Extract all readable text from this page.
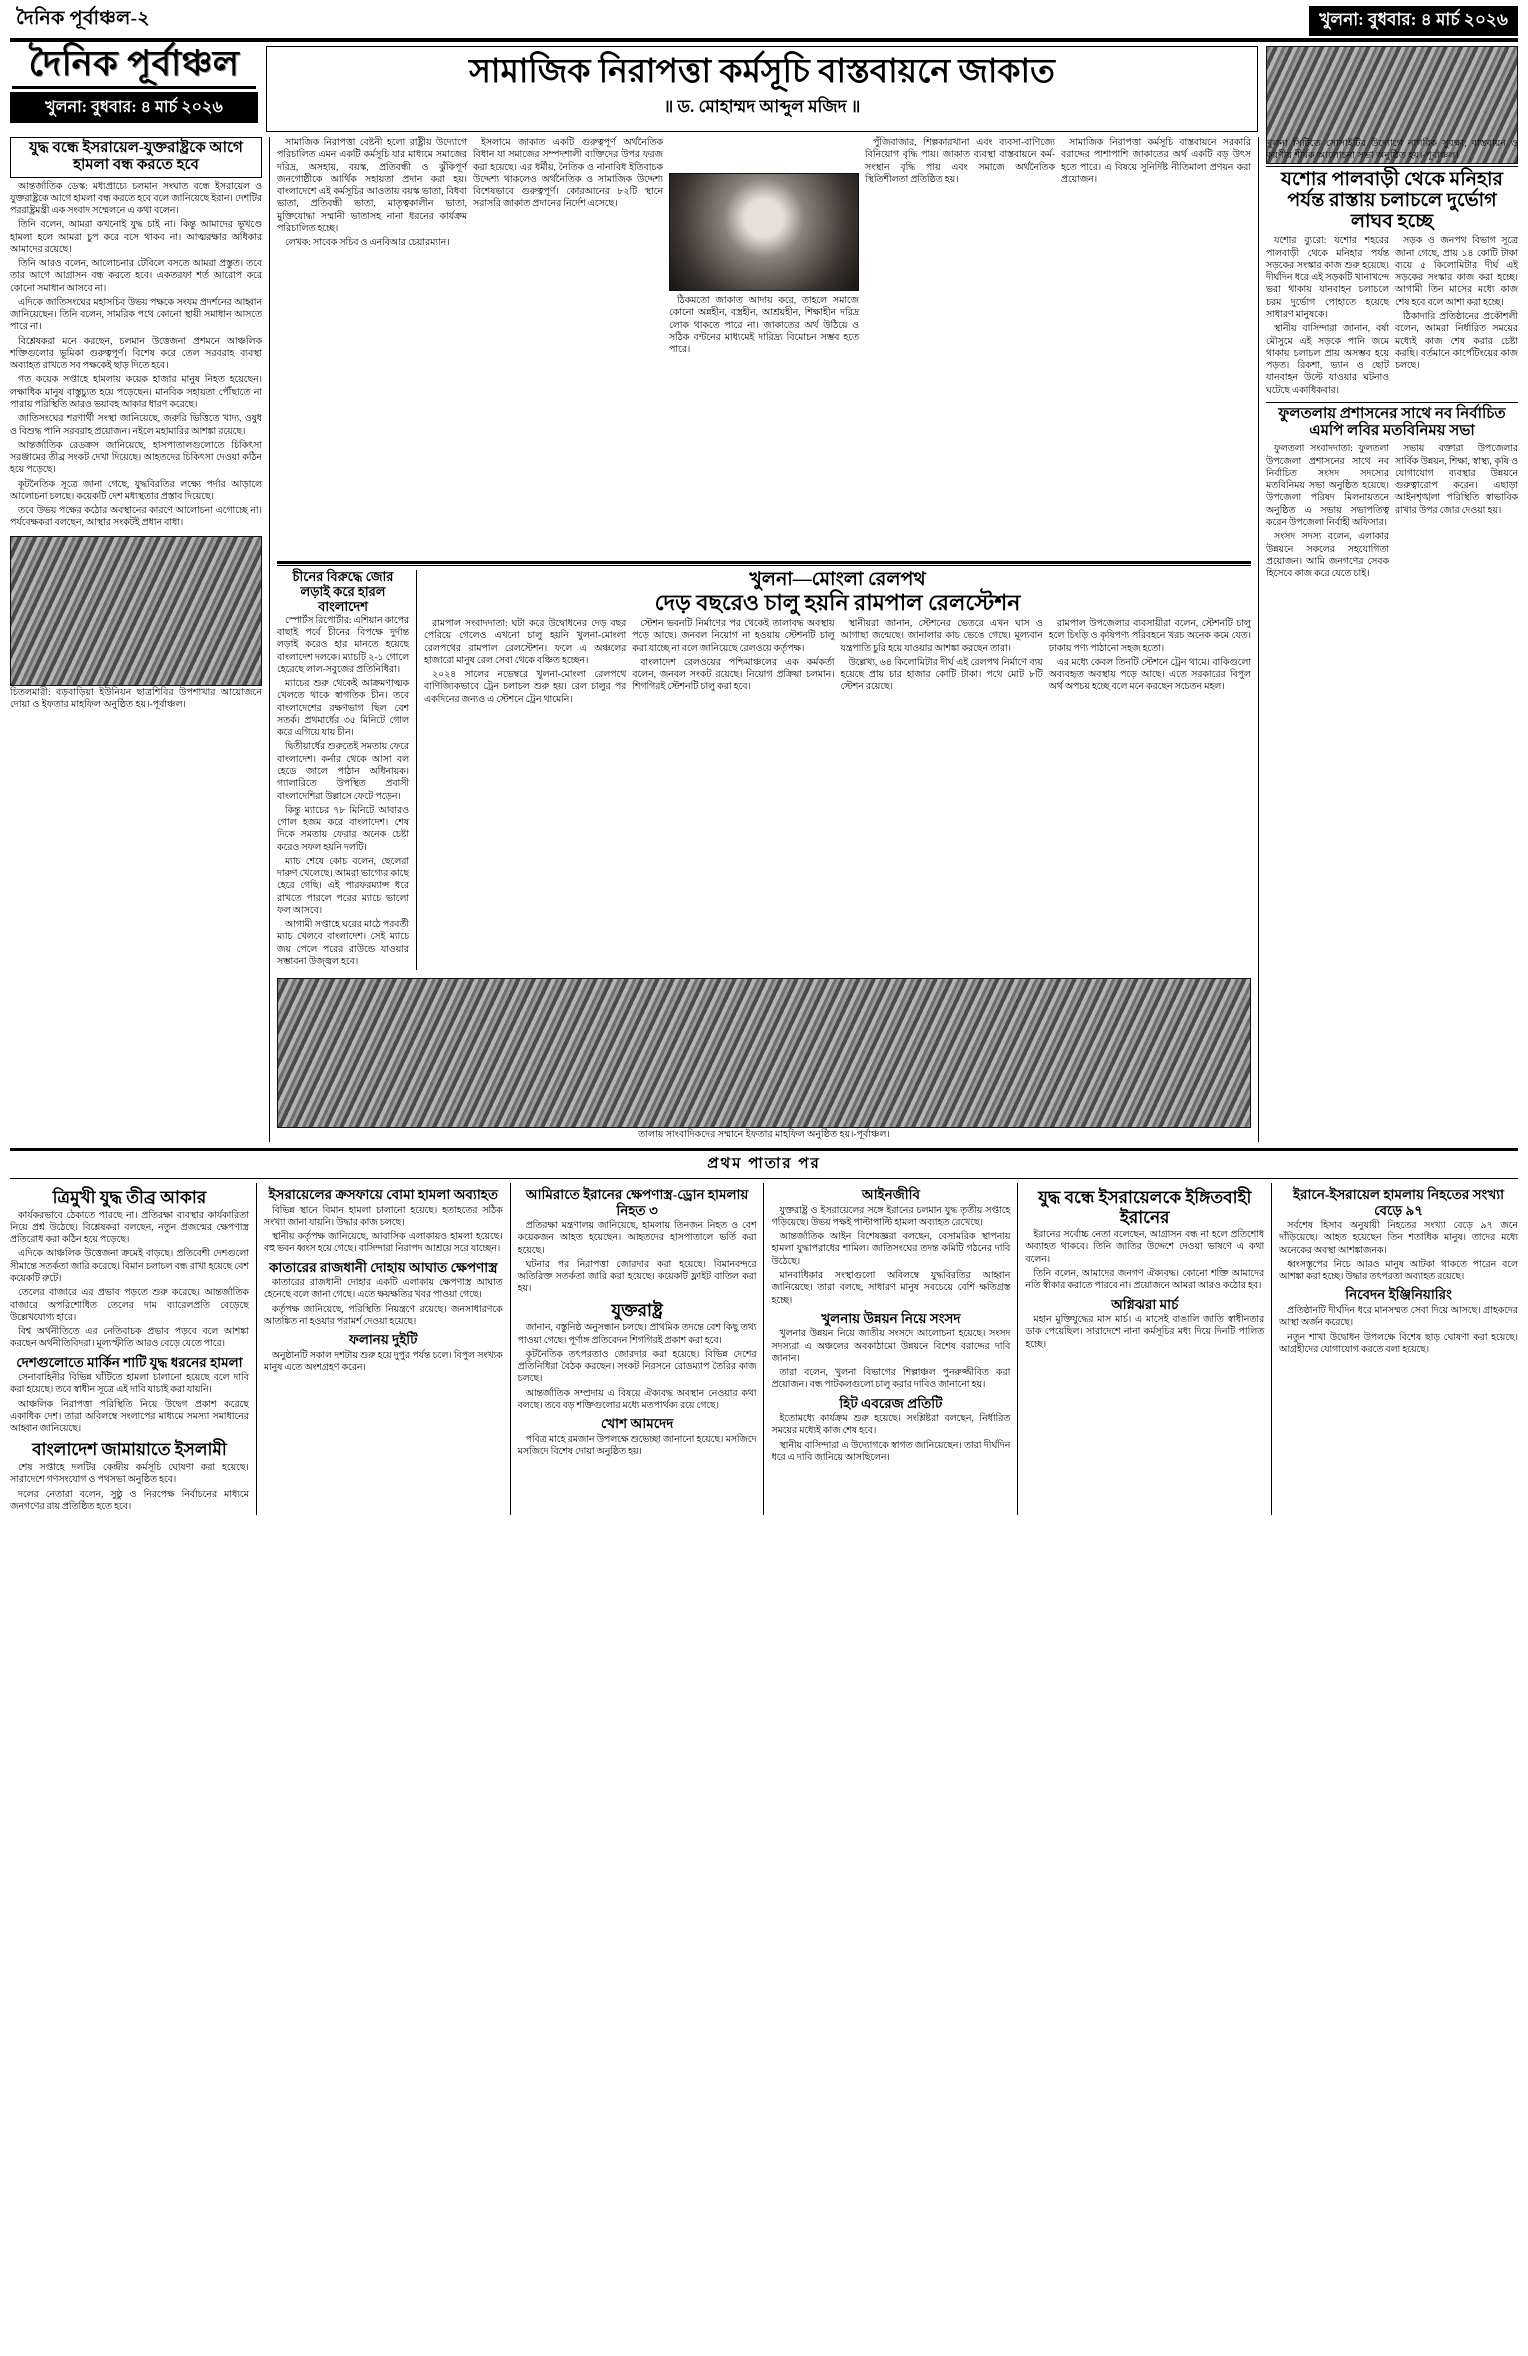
দৈনিক পূর্বাঞ্চল-২	খুলনা: বুধবার: ৪ মার্চ ২০২৬
দৈনিক পূর্বাঞ্চল
খুলনা: বুধবার: ৪ মার্চ ২০২৬
সামাজিক নিরাপত্তা কর্মসূচি বাস্তবায়নে জাকাত
॥ ড. মোহাম্মদ আব্দুল মজিদ ॥
যুদ্ধ বন্ধে ইসরায়েল-যুক্তরাষ্ট্রকে আগে হামলা বন্ধ করতে হবে

আন্তর্জাতিক ডেস্ক: মধ্যপ্রাচ্যে চলমান সংঘাত বন্ধে ইসরায়েল ও যুক্তরাষ্ট্রকে আগে হামলা বন্ধ করতে হবে বলে জানিয়েছে ইরান। দেশটির পররাষ্ট্রমন্ত্রী এক সংবাদ সম্মেলনে এ কথা বলেন।

তিনি বলেন, আমরা কখনোই যুদ্ধ চাই না। কিন্তু আমাদের ভূখণ্ডে হামলা হলে আমরা চুপ করে বসে থাকব না। আত্মরক্ষার অধিকার আমাদের রয়েছে।

তিনি আরও বলেন, আলোচনার টেবিলে বসতে আমরা প্রস্তুত। তবে তার আগে আগ্রাসন বন্ধ করতে হবে। একতরফা শর্ত আরোপ করে কোনো সমাধান আসবে না।

এদিকে জাতিসংঘের মহাসচিব উভয় পক্ষকে সংযম প্রদর্শনের আহ্বান জানিয়েছেন। তিনি বলেন, সামরিক পথে কোনো স্থায়ী সমাধান আসতে পারে না।

বিশ্লেষকরা মনে করছেন, চলমান উত্তেজনা প্রশমনে আঞ্চলিক শক্তিগুলোর ভূমিকা গুরুত্বপূর্ণ। বিশেষ করে তেল সরবরাহ ব্যবস্থা অব্যাহত রাখতে সব পক্ষকেই ছাড় দিতে হবে।

গত কয়েক সপ্তাহে হামলায় কয়েক হাজার মানুষ নিহত হয়েছেন। লক্ষাধিক মানুষ বাস্তুচ্যুত হয়ে পড়েছেন। মানবিক সহায়তা পৌঁছাতে না পারায় পরিস্থিতি আরও ভয়াবহ আকার ধারণ করেছে।

জাতিসংঘের শরণার্থী সংস্থা জানিয়েছে, জরুরি ভিত্তিতে খাদ্য, ওষুধ ও বিশুদ্ধ পানি সরবরাহ প্রয়োজন। নইলে মহামারির আশঙ্কা রয়েছে।

আন্তর্জাতিক রেডক্রস জানিয়েছে, হাসপাতালগুলোতে চিকিৎসা সরঞ্জামের তীব্র সংকট দেখা দিয়েছে। আহতদের চিকিৎসা দেওয়া কঠিন হয়ে পড়েছে।

কূটনৈতিক সূত্রে জানা গেছে, যুদ্ধবিরতির লক্ষ্যে পর্দার আড়ালে আলোচনা চলছে। কয়েকটি দেশ মধ্যস্থতার প্রস্তাব দিয়েছে।

তবে উভয় পক্ষের কঠোর অবস্থানের কারণে আলোচনা এগোচ্ছে না। পর্যবেক্ষকরা বলছেন, আস্থার সংকটই প্রধান বাধা।

চিতলমারী: বড়বাড়িয়া ইউনিয়ন ছাত্রশিবির উপশাখার আয়োজনে দোয়া ও ইফতার মাহফিল অনুষ্ঠিত হয়।-পূর্বাঞ্চল।

সামাজিক নিরাপত্তা বেষ্টনী হলো রাষ্ট্রীয় উদ্যোগে পরিচালিত এমন একটি কর্মসূচি যার মাধ্যমে সমাজের দরিদ্র, অসহায়, বয়স্ক, প্রতিবন্ধী ও ঝুঁকিপূর্ণ জনগোষ্ঠীকে আর্থিক সহায়তা প্রদান করা হয়। বাংলাদেশে এই কর্মসূচির আওতায় বয়স্ক ভাতা, বিধবা ভাতা, প্রতিবন্ধী ভাতা, মাতৃত্বকালীন ভাতা, মুক্তিযোদ্ধা সম্মানী ভাতাসহ নানা ধরনের কার্যক্রম পরিচালিত হচ্ছে।

লেখক: সাবেক সচিব ও এনবিআর চেয়ারম্যান।

ইসলামে জাকাত একটি গুরুত্বপূর্ণ অর্থনৈতিক বিধান যা সমাজের সম্পদশালী ব্যক্তিদের উপর ফরজ করা হয়েছে। এর ধর্মীয়, নৈতিক ও নানাবিধ ইতিবাচক উদ্দেশ্য থাকলেও অর্থনৈতিক ও সামাজিক উদ্দেশ্য বিশেষভাবে গুরুত্বপূর্ণ। কোরআনের ৮২টি স্থানে সরাসরি জাকাত প্রদানের নির্দেশ এসেছে।

ঠিকমতো জাকাত আদায় করে, তাহলে সমাজে কোনো অন্নহীন, বস্ত্রহীন, আশ্রয়হীন, শিক্ষাহীন দরিদ্র লোক থাকতে পারে না। জাকাতের অর্থ উঠিয়ে ও সঠিক বণ্টনের মাধ্যমেই দারিদ্র্য বিমোচন সম্ভব হতে পারে।

পুঁজিবাজার, শিল্পকারখানা এবং ব্যবসা-বাণিজ্যে বিনিয়োগ বৃদ্ধি পায়। জাকাত ব্যবস্থা বাস্তবায়নে কর্ম-সংস্থান বৃদ্ধি পায় এবং সমাজে অর্থনৈতিক স্থিতিশীলতা প্রতিষ্ঠিত হয়।

সামাজিক নিরাপত্তা কর্মসূচি বাস্তবায়নে সরকারি বরাদ্দের পাশাপাশি জাকাতের অর্থ একটি বড় উৎস হতে পারে। এ বিষয়ে সুনির্দিষ্ট নীতিমালা প্রণয়ন করা প্রয়োজন।

চীনের বিরুদ্ধে জোর লড়াই করে হারল বাংলাদেশ

স্পোর্টস রিপোর্টার: এশিয়ান কাপের বাছাই পর্বে চীনের বিপক্ষে দুর্দান্ত লড়াই করেও হার মানতে হয়েছে বাংলাদেশ দলকে। ম্যাচটি ২-১ গোলে হেরেছে লাল-সবুজের প্রতিনিধিরা।

ম্যাচের শুরু থেকেই আক্রমণাত্মক খেলতে থাকে স্বাগতিক চীন। তবে বাংলাদেশের রক্ষণভাগ ছিল বেশ সতর্ক। প্রথমার্ধের ৩৫ মিনিটে গোল করে এগিয়ে যায় চীন।

দ্বিতীয়ার্ধের শুরুতেই সমতায় ফেরে বাংলাদেশ। কর্নার থেকে আসা বল হেডে জালে পাঠান অধিনায়ক। গ্যালারিতে উপস্থিত প্রবাসী বাংলাদেশিরা উল্লাসে ফেটে পড়েন।

কিন্তু ম্যাচের ৭৮ মিনিটে আবারও গোল হজম করে বাংলাদেশ। শেষ দিকে সমতায় ফেরার অনেক চেষ্টা করেও সফল হয়নি দলটি।

ম্যাচ শেষে কোচ বলেন, ছেলেরা দারুণ খেলেছে। আমরা ভাগ্যের কাছে হেরে গেছি। এই পারফরম্যান্স ধরে রাখতে পারলে পরের ম্যাচে ভালো ফল আসবে।

আগামী সপ্তাহে ঘরের মাঠে পরবর্তী ম্যাচ খেলবে বাংলাদেশ। সেই ম্যাচে জয় পেলে পরের রাউন্ডে যাওয়ার সম্ভাবনা উজ্জ্বল হবে।

খুলনা—মোংলা রেলপথ
দেড় বছরেও চালু হয়নি রামপাল রেলস্টেশন

রামপাল সংবাদদাতা: ঘটা করে উদ্বোধনের দেড় বছর পেরিয়ে গেলেও এখনো চালু হয়নি খুলনা-মোংলা রেলপথের রামপাল রেলস্টেশন। ফলে এ অঞ্চলের হাজারো মানুষ রেল সেবা থেকে বঞ্চিত হচ্ছেন।

২০২৪ সালের নভেম্বরে খুলনা-মোংলা রেলপথে বাণিজ্যিকভাবে ট্রেন চলাচল শুরু হয়। রেল চালুর পর একদিনের জন্যও এ স্টেশনে ট্রেন থামেনি।

স্টেশন ভবনটি নির্মাণের পর থেকেই তালাবদ্ধ অবস্থায় পড়ে আছে। জনবল নিয়োগ না হওয়ায় স্টেশনটি চালু করা যাচ্ছে না বলে জানিয়েছে রেলওয়ে কর্তৃপক্ষ।

বাংলাদেশ রেলওয়ের পশ্চিমাঞ্চলের এক কর্মকর্তা বলেন, জনবল সংকট রয়েছে। নিয়োগ প্রক্রিয়া চলমান। শিগগিরই স্টেশনটি চালু করা হবে।

স্থানীয়রা জানান, স্টেশনের ভেতরে এখন ঘাস ও আগাছা জন্মেছে। জানালার কাচ ভেঙে গেছে। মূল্যবান যন্ত্রপাতি চুরি হয়ে যাওয়ার আশঙ্কা করছেন তারা।

উল্লেখ্য, ৬৪ কিলোমিটার দীর্ঘ এই রেলপথ নির্মাণে ব্যয় হয়েছে প্রায় চার হাজার কোটি টাকা। পথে মোট ৮টি স্টেশন রয়েছে।

রামপাল উপজেলার ব্যবসায়ীরা বলেন, স্টেশনটি চালু হলে চিংড়ি ও কৃষিপণ্য পরিবহনে খরচ অনেক কমে যেত। ঢাকায় পণ্য পাঠানো সহজ হতো।

এর মধ্যে কেবল তিনটি স্টেশনে ট্রেন থামে। বাকিগুলো অব্যবহৃত অবস্থায় পড়ে আছে। এতে সরকারের বিপুল অর্থ অপচয় হচ্ছে বলে মনে করছেন সচেতন মহল।

তালায় সাংবাদিকদের সম্মানে ইফতার মাহফিল অনুষ্ঠিত হয়।-পূর্বাঞ্চল।
খুলনা সিটিতে সোসাইটির উদ্যোগে নাগরিক সুরক্ষা, বাস্তবায়ন ও করণীয় শীর্ষক আলোচনা সভা অনুষ্ঠিত হয়।-পূর্বাঞ্চল।
যশোর পালবাড়ী থেকে মনিহার পর্যন্ত রাস্তায় চলাচলে দুর্ভোগ লাঘব হচ্ছে

যশোর ব্যুরো: যশোর শহরের পালবাড়ী থেকে মনিহার পর্যন্ত সড়কের সংস্কার কাজ শুরু হয়েছে। দীর্ঘদিন ধরে এই সড়কটি খানাখন্দে ভরা থাকায় যানবাহন চলাচলে চরম দুর্ভোগ পোহাতে হয়েছে সাধারণ মানুষকে।

স্থানীয় বাসিন্দারা জানান, বর্ষা মৌসুমে এই সড়কে পানি জমে থাকায় চলাচল প্রায় অসম্ভব হয়ে পড়ত। রিকশা, ভ্যান ও ছোট যানবাহন উল্টে যাওয়ার ঘটনাও ঘটেছে একাধিকবার।

সড়ক ও জনপথ বিভাগ সূত্রে জানা গেছে, প্রায় ১৪ কোটি টাকা ব্যয়ে ৫ কিলোমিটার দীর্ঘ এই সড়কের সংস্কার কাজ করা হচ্ছে। আগামী তিন মাসের মধ্যে কাজ শেষ হবে বলে আশা করা হচ্ছে।

ঠিকাদারি প্রতিষ্ঠানের প্রকৌশলী বলেন, আমরা নির্ধারিত সময়ের মধ্যেই কাজ শেষ করার চেষ্টা করছি। বর্তমানে কার্পেটিংয়ের কাজ চলছে।

ফুলতলায় প্রশাসনের সাথে নব নির্বাচিত এমপি লবির মতবিনিময় সভা

ফুলতলা সংবাদদাতা: ফুলতলা উপজেলা প্রশাসনের সাথে নব নির্বাচিত সংসদ সদস্যের মতবিনিময় সভা অনুষ্ঠিত হয়েছে। উপজেলা পরিষদ মিলনায়তনে অনুষ্ঠিত এ সভায় সভাপতিত্ব করেন উপজেলা নির্বাহী অফিসার।

সংসদ সদস্য বলেন, এলাকার উন্নয়নে সকলের সহযোগিতা প্রয়োজন। আমি জনগণের সেবক হিসেবে কাজ করে যেতে চাই।

সভায় বক্তারা উপজেলার সার্বিক উন্নয়ন, শিক্ষা, স্বাস্থ্য, কৃষি ও যোগাযোগ ব্যবস্থার উন্নয়নে গুরুত্বারোপ করেন। এছাড়া আইনশৃঙ্খলা পরিস্থিতি স্বাভাবিক রাখার উপর জোর দেওয়া হয়।

প্রথম পাতার পর
ত্রিমুখী যুদ্ধ তীব্র আকার

কার্যকরভাবে ঠেকাতে পারছে না। প্রতিরক্ষা ব্যবস্থার কার্যকারিতা নিয়ে প্রশ্ন উঠেছে। বিশ্লেষকরা বলছেন, নতুন প্রজন্মের ক্ষেপণাস্ত্র প্রতিরোধ করা কঠিন হয়ে পড়েছে।

এদিকে আঞ্চলিক উত্তেজনা ক্রমেই বাড়ছে। প্রতিবেশী দেশগুলো সীমান্তে সতর্কতা জারি করেছে। বিমান চলাচল বন্ধ রাখা হয়েছে বেশ কয়েকটি রুটে।

তেলের বাজারে এর প্রভাব পড়তে শুরু করেছে। আন্তর্জাতিক বাজারে অপরিশোধিত তেলের দাম ব্যারেলপ্রতি বেড়েছে উল্লেখযোগ্য হারে।

বিশ্ব অর্থনীতিতে এর নেতিবাচক প্রভাব পড়বে বলে আশঙ্কা করছেন অর্থনীতিবিদরা। মূল্যস্ফীতি আরও বেড়ে যেতে পারে।

দেশগুলোতে মার্কিন শাটি যুদ্ধ ধরনের হামলা

সেনাবাহিনীর বিভিন্ন ঘাঁটিতে হামলা চালানো হয়েছে বলে দাবি করা হয়েছে। তবে স্বাধীন সূত্রে এই দাবি যাচাই করা যায়নি।

আঞ্চলিক নিরাপত্তা পরিস্থিতি নিয়ে উদ্বেগ প্রকাশ করেছে একাধিক দেশ। তারা অবিলম্বে সংলাপের মাধ্যমে সমস্যা সমাধানের আহ্বান জানিয়েছে।

বাংলাদেশ জামায়াতে ইসলামী

শেষ সপ্তাহে দলটির কেন্দ্রীয় কর্মসূচি ঘোষণা করা হয়েছে। সারাদেশে গণসংযোগ ও পথসভা অনুষ্ঠিত হবে।

দলের নেতারা বলেন, সুষ্ঠু ও নিরপেক্ষ নির্বাচনের মাধ্যমে জনগণের রায় প্রতিষ্ঠিত হতে হবে।

ইসরায়েলের ক্রসফায়ে বোমা হামলা অব্যাহত

বিভিন্ন স্থানে বিমান হামলা চালানো হয়েছে। হতাহতের সঠিক সংখ্যা জানা যায়নি। উদ্ধার কাজ চলছে।

স্থানীয় কর্তৃপক্ষ জানিয়েছে, আবাসিক এলাকায়ও হামলা হয়েছে। বহু ভবন ধ্বংস হয়ে গেছে। বাসিন্দারা নিরাপদ আশ্রয়ে সরে যাচ্ছেন।

কাতারের রাজধানী দোহায় আঘাত ক্ষেপণাস্ত্র

কাতারের রাজধানী দোহার একটি এলাকায় ক্ষেপণাস্ত্র আঘাত হেনেছে বলে জানা গেছে। এতে ক্ষয়ক্ষতির খবর পাওয়া গেছে।

কর্তৃপক্ষ জানিয়েছে, পরিস্থিতি নিয়ন্ত্রণে রয়েছে। জনসাধারণকে আতঙ্কিত না হওয়ার পরামর্শ দেওয়া হয়েছে।

ফলানয় দুইটি

অনুষ্ঠানটি সকাল দশটায় শুরু হয়ে দুপুর পর্যন্ত চলে। বিপুল সংখ্যক মানুষ এতে অংশগ্রহণ করেন।

আমিরাতে ইরানের ক্ষেপণাস্ত্র-ড্রোন হামলায় নিহত ৩

প্রতিরক্ষা মন্ত্রণালয় জানিয়েছে, হামলায় তিনজন নিহত ও বেশ কয়েকজন আহত হয়েছেন। আহতদের হাসপাতালে ভর্তি করা হয়েছে।

ঘটনার পর নিরাপত্তা জোরদার করা হয়েছে। বিমানবন্দরে অতিরিক্ত সতর্কতা জারি করা হয়েছে। কয়েকটি ফ্লাইট বাতিল করা হয়।

যুক্তরাষ্ট্র

জানান, বস্তুনিষ্ঠ অনুসন্ধান চলছে। প্রাথমিক তদন্তে বেশ কিছু তথ্য পাওয়া গেছে। পূর্ণাঙ্গ প্রতিবেদন শিগগিরই প্রকাশ করা হবে।

কূটনৈতিক তৎপরতাও জোরদার করা হয়েছে। বিভিন্ন দেশের প্রতিনিধিরা বৈঠক করছেন। সংকট নিরসনে রোডম্যাপ তৈরির কাজ চলছে।

আন্তর্জাতিক সম্প্রদায় এ বিষয়ে ঐক্যবদ্ধ অবস্থান নেওয়ার কথা বলছে। তবে বড় শক্তিগুলোর মধ্যে মতপার্থক্য রয়ে গেছে।

খোশ আমদেদ

পবিত্র মাহে রমজান উপলক্ষে শুভেচ্ছা জানানো হয়েছে। মসজিদে মসজিদে বিশেষ দোয়া অনুষ্ঠিত হয়।

আইনজীবি

যুক্তরাষ্ট্র ও ইসরায়েলের সঙ্গে ইরানের চলমান যুদ্ধ তৃতীয় সপ্তাহে গড়িয়েছে। উভয় পক্ষই পাল্টাপাল্টি হামলা অব্যাহত রেখেছে।

আন্তর্জাতিক আইন বিশেষজ্ঞরা বলছেন, বেসামরিক স্থাপনায় হামলা যুদ্ধাপরাধের শামিল। জাতিসংঘের তদন্ত কমিটি গঠনের দাবি উঠেছে।

মানবাধিকার সংস্থাগুলো অবিলম্বে যুদ্ধবিরতির আহ্বান জানিয়েছে। তারা বলছে, সাধারণ মানুষ সবচেয়ে বেশি ক্ষতিগ্রস্ত হচ্ছে।

খুলনায় উন্নয়ন নিয়ে সংসদ

খুলনার উন্নয়ন নিয়ে জাতীয় সংসদে আলোচনা হয়েছে। সংসদ সদস্যরা এ অঞ্চলের অবকাঠামো উন্নয়নে বিশেষ বরাদ্দের দাবি জানান।

তারা বলেন, খুলনা বিভাগের শিল্পাঞ্চল পুনরুজ্জীবিত করা প্রয়োজন। বন্ধ পাটকলগুলো চালু করার দাবিও জানানো হয়।

হিট এবরেজ প্রতিটি

ইতোমধ্যে কার্যক্রম শুরু হয়েছে। সংশ্লিষ্টরা বলছেন, নির্ধারিত সময়ের মধ্যেই কাজ শেষ হবে।

স্থানীয় বাসিন্দারা এ উদ্যোগকে স্বাগত জানিয়েছেন। তারা দীর্ঘদিন ধরে এ দাবি জানিয়ে আসছিলেন।

যুদ্ধ বন্ধে ইসরায়েলকে ইঙ্গিতবাহী ইরানের

ইরানের সর্বোচ্চ নেতা বলেছেন, আগ্রাসন বন্ধ না হলে প্রতিশোধ অব্যাহত থাকবে। তিনি জাতির উদ্দেশে দেওয়া ভাষণে এ কথা বলেন।

তিনি বলেন, আমাদের জনগণ ঐক্যবদ্ধ। কোনো শক্তি আমাদের নতি স্বীকার করাতে পারবে না। প্রয়োজনে আমরা আরও কঠোর হব।

অগ্নিঝরা মার্চ

মহান মুক্তিযুদ্ধের মাস মার্চ। এ মাসেই বাঙালি জাতি স্বাধীনতার ডাক পেয়েছিল। সারাদেশে নানা কর্মসূচির মধ্য দিয়ে দিনটি পালিত হচ্ছে।

ইরানে-ইসরায়েল হামলায় নিহতের সংখ্যা বেড়ে ৯৭

সর্বশেষ হিসাব অনুযায়ী নিহতের সংখ্যা বেড়ে ৯৭ জনে দাঁড়িয়েছে। আহত হয়েছেন তিন শতাধিক মানুষ। তাদের মধ্যে অনেকের অবস্থা আশঙ্কাজনক।

ধ্বংসস্তূপের নিচে আরও মানুষ আটকা থাকতে পারেন বলে আশঙ্কা করা হচ্ছে। উদ্ধার তৎপরতা অব্যাহত রয়েছে।

নিবেদন ইঞ্জিনিয়ারিং

প্রতিষ্ঠানটি দীর্ঘদিন ধরে মানসম্মত সেবা দিয়ে আসছে। গ্রাহকদের আস্থা অর্জন করেছে।

নতুন শাখা উদ্বোধন উপলক্ষে বিশেষ ছাড় ঘোষণা করা হয়েছে। আগ্রহীদের যোগাযোগ করতে বলা হয়েছে।
